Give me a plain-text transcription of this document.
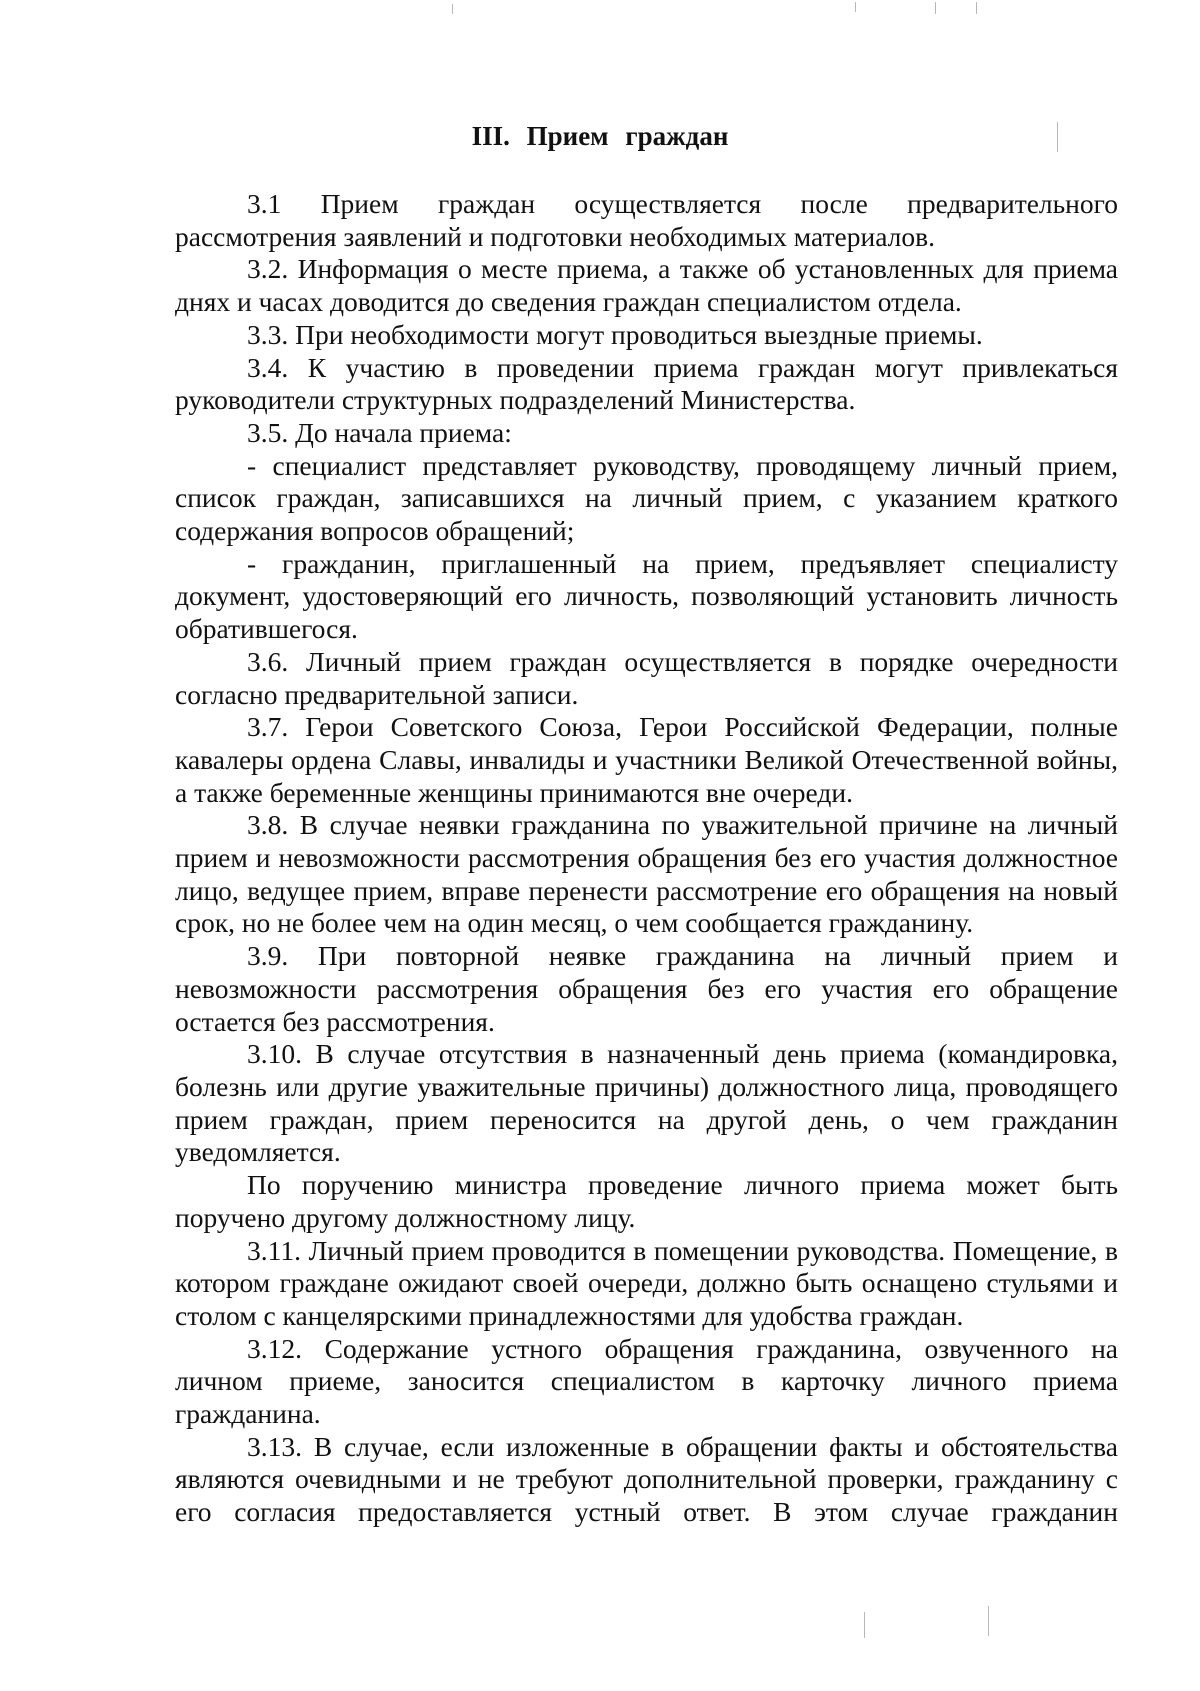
III. Прием граждан

3.1 Прием граждан осуществляется после предварительного рассмотрения заявлений и подготовки необходимых материалов.

3.2. Информация о месте приема, а также об установленных для приема днях и часах доводится до сведения граждан специалистом отдела.

3.3. При необходимости могут проводиться выездные приемы.

3.4. К участию в проведении приема граждан могут привлекаться руководители структурных подразделений Министерства.

3.5. До начала приема:

- специалист представляет руководству, проводящему личный прием, список граждан, записавшихся на личный прием, с указанием краткого содержания вопросов обращений;

- гражданин, приглашенный на прием, предъявляет специалисту документ, удостоверяющий его личность, позволяющий установить личность обратившегося.

3.6. Личный прием граждан осуществляется в порядке очередности согласно предварительной записи.

3.7. Герои Советского Союза, Герои Российской Федерации, полные кавалеры ордена Славы, инвалиды и участники Великой Отечественной войны, а также беременные женщины принимаются вне очереди.

3.8. В случае неявки гражданина по уважительной причине на личный прием и невозможности рассмотрения обращения без его участия должностное лицо, ведущее прием, вправе перенести рассмотрение его обращения на новый срок, но не более чем на один месяц, о чем сообщается гражданину.

3.9. При повторной неявке гражданина на личный прием и невозможности рассмотрения обращения без его участия его обращение остается без рассмотрения.

3.10. В случае отсутствия в назначенный день приема (командировка, болезнь или другие уважительные причины) должностного лица, проводящего прием граждан, прием переносится на другой день, о чем гражданин уведомляется.

По поручению министра проведение личного приема может быть поручено другому должностному лицу.

3.11. Личный прием проводится в помещении руководства. Помещение, в котором граждане ожидают своей очереди, должно быть оснащено стульями и столом с канцелярскими принадлежностями для удобства граждан.

3.12. Содержание устного обращения гражданина, озвученного на личном приеме, заносится специалистом в карточку личного приема гражданина.

3.13. В случае, если изложенные в обращении факты и обстоятельства являются очевидными и не требуют дополнительной проверки, гражданину с его согласия предоставляется устный ответ. В этом случае гражданин
